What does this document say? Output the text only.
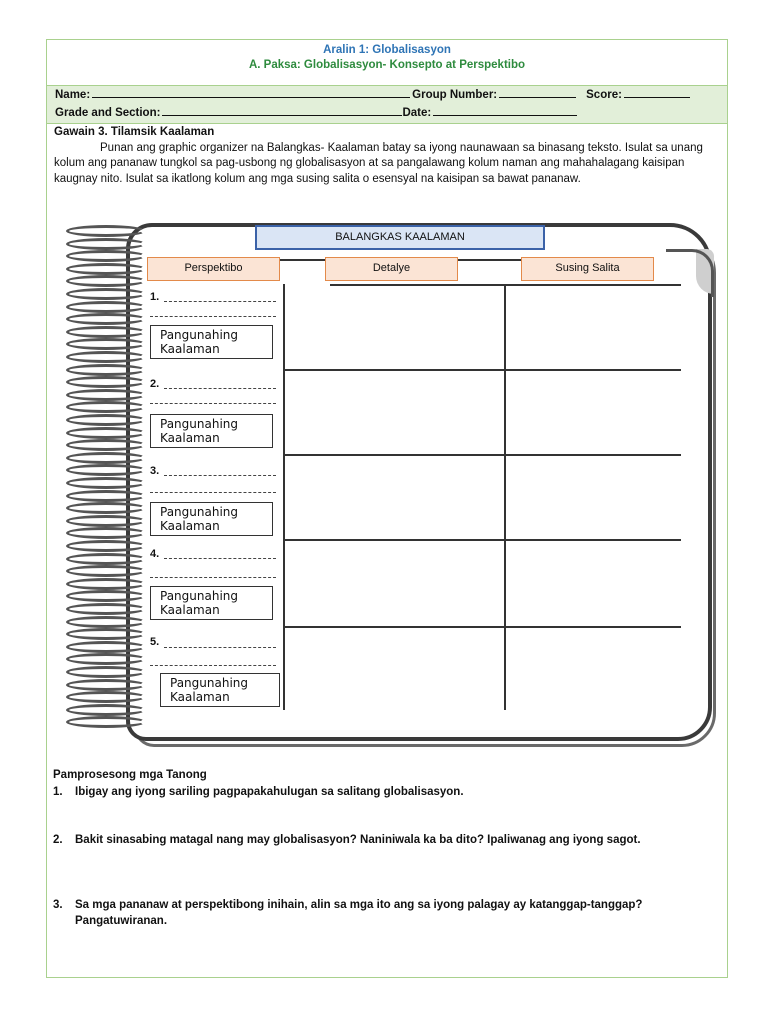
Aralin 1: Globalisasyon
A. Paksa: Globalisasyon- Konsepto at Perspektibo
Name:	Group Number:	Score:
Grade and Section:	Date:
Gawain 3. Tilamsik Kaalaman
Punan ang graphic organizer na Balangkas- Kaalaman batay sa iyong naunawaan sa binasang teksto. Isulat sa unang kolum ang pananaw tungkol sa pag-usbong ng globalisasyon at sa pangalawang kolum naman ang mahahalagang kaisipan kaugnay nito. Isulat sa ikatlong kolum ang mga susing salita o esensyal na kaisipan sa bawat pananaw.
BALANGKAS KAALAMAN
Perspektibo	Detalye	Susing Salita
1.
Pangunahing
Kaalaman
2.
Pangunahing
Kaalaman
3.
Pangunahing
Kaalaman
4.
Pangunahing
Kaalaman
5.
Pangunahing
Kaalaman
Pamprosesong mga Tanong
1.	Ibigay ang iyong sariling pagpapakahulugan sa salitang globalisasyon.
2.	Bakit sinasabing matagal nang may globalisasyon? Naniniwala ka ba dito? Ipaliwanag ang iyong sagot.
3.	Sa mga pananaw at perspektibong inihain, alin sa mga ito ang sa iyong palagay ay katanggap-tanggap? Pangatuwiranan.
